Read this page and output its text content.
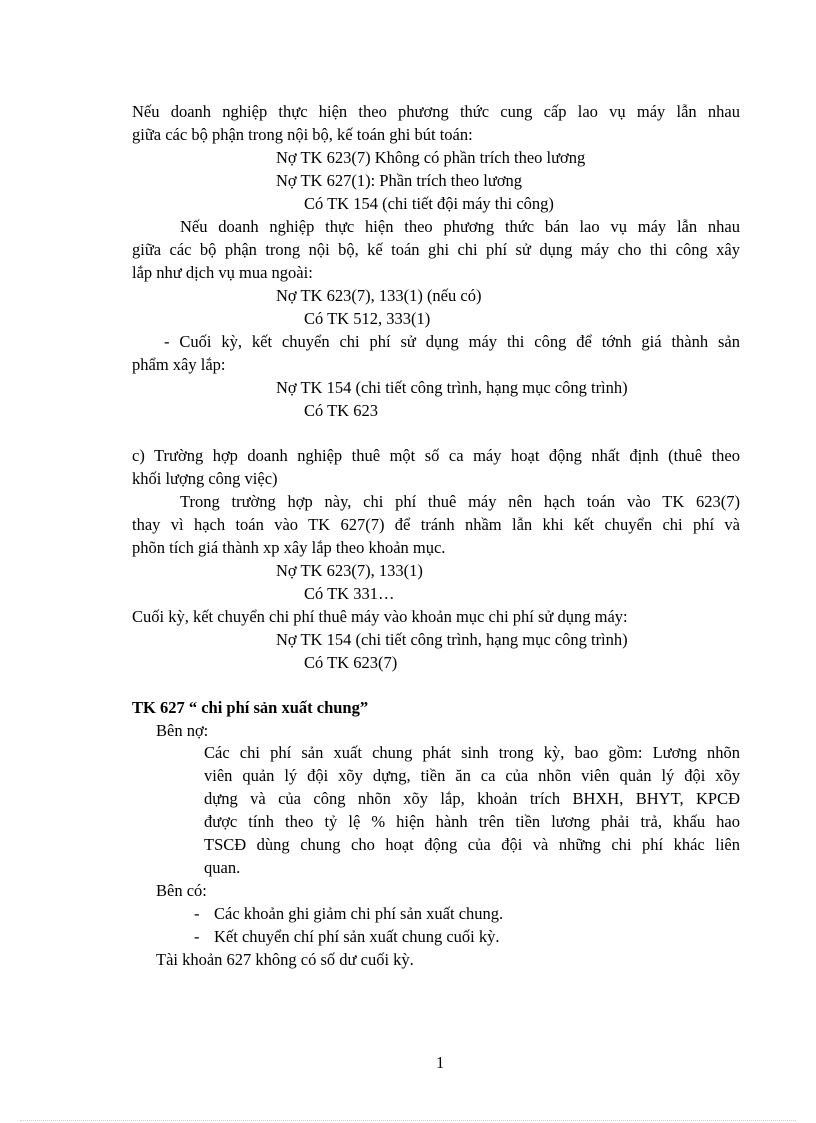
Nếu doanh nghiệp thực hiện theo phương thức cung cấp lao vụ máy lẫn nhau
giữa các bộ phận trong nội bộ, kế toán ghi bút toán:
Nợ TK 623(7) Không có phần trích theo lương
Nợ TK 627(1): Phần trích theo lương
Có TK 154 (chi tiết đội máy thi công)
Nếu doanh nghiệp thực hiện theo phương thức bán lao vụ máy lẫn nhau
giữa các bộ phận trong nội bộ, kế toán ghi chi phí sử dụng máy cho thi công xây
lắp như dịch vụ mua ngoài:
Nợ TK 623(7), 133(1) (nếu có)
Có TK 512, 333(1)
- Cuối kỳ, kết chuyển chi phí sử dụng máy thi công để tớnh giá thành sản
phẩm xây lắp:
Nợ TK 154 (chi tiết công trình, hạng mục công trình)
Có TK 623
c) Trường hợp doanh nghiệp thuê một số ca máy hoạt động nhất định (thuê theo
khối lượng công việc)
Trong trường hợp này, chi phí thuê máy nên hạch toán vào TK 623(7)
thay vì hạch toán vào TK 627(7) để tránh nhầm lẫn khi kết chuyển chi phí và
phõn tích giá thành xp xây lắp theo khoản mục.
Nợ TK 623(7), 133(1)
Có TK 331…
Cuối kỳ, kết chuyển chi phí thuê máy vào khoản mục chi phí sử dụng máy:
Nợ TK 154 (chi tiết công trình, hạng mục công trình)
Có TK 623(7)
TK 627 “ chi phí sản xuất chung”
Bên nợ:
Các chi phí sản xuất chung phát sinh trong kỳ, bao gồm: Lương nhõn
viên quản lý đội xõy dựng, tiền ăn ca của nhõn viên quản lý đội xõy
dựng và của công nhõn xõy lắp, khoản trích BHXH, BHYT, KPCĐ
được tính theo tỷ lệ % hiện hành trên tiền lương phải trả, khấu hao
TSCĐ dùng chung cho hoạt động của đội và những chi phí khác liên
quan.
Bên có:
- Các khoản ghi giảm chi phí sản xuất chung.
- Kết chuyển chí phí sản xuất chung cuối kỳ.
Tài khoản 627 không có số dư cuối kỳ.
1
